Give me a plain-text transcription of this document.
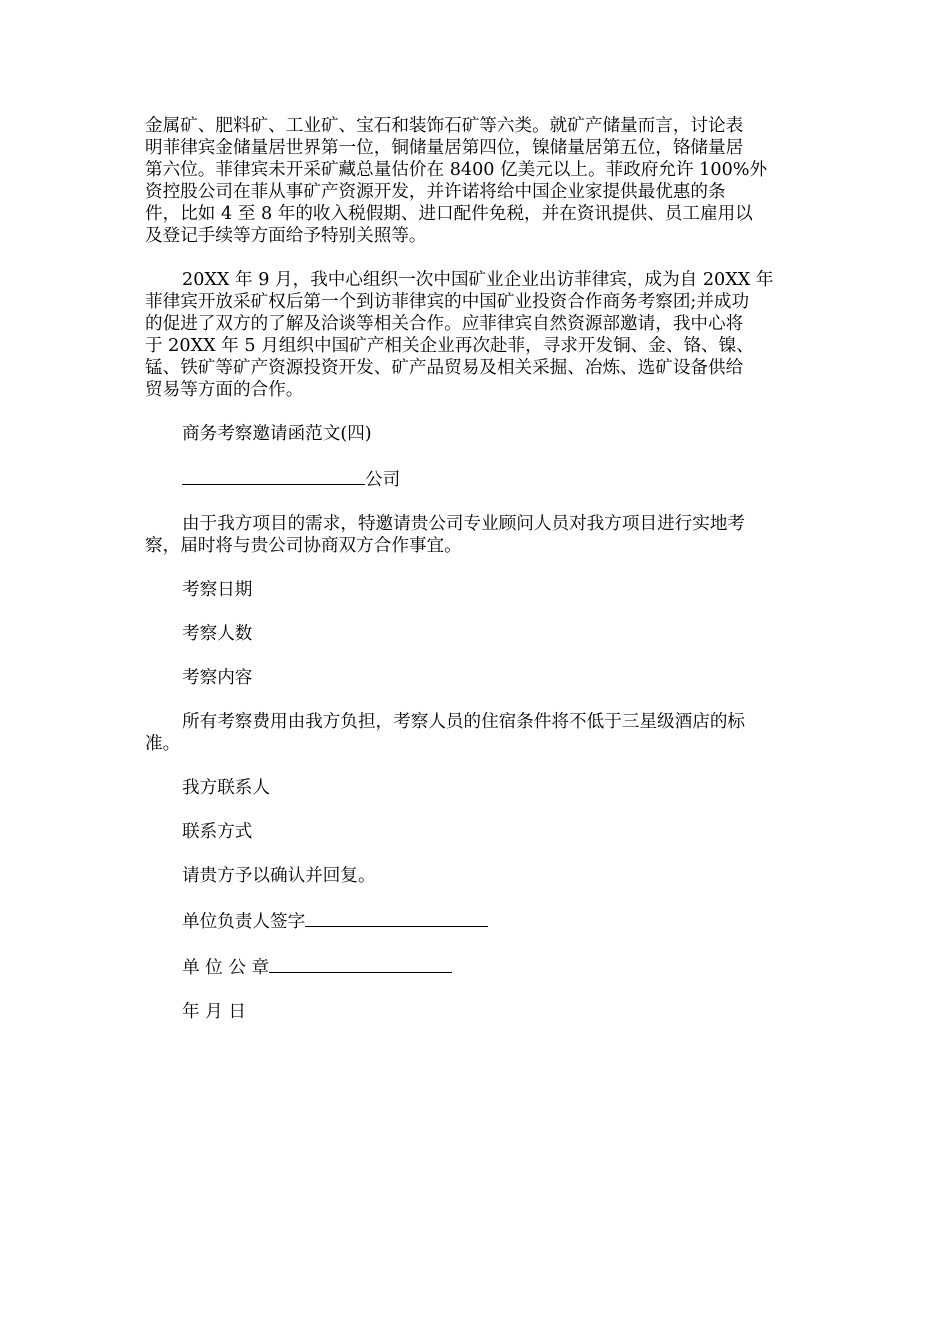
金属矿、肥料矿、工业矿、宝石和装饰石矿等六类。就矿产储量而言，讨论表
明菲律宾金储量居世界第一位，铜储量居第四位，镍储量居第五位，铬储量居
第六位。菲律宾未开采矿藏总量估价在 8400 亿美元以上。菲政府允许 100%外
资控股公司在菲从事矿产资源开发，并许诺将给中国企业家提供最优惠的条
件，比如 4 至 8 年的收入税假期、进口配件免税，并在资讯提供、员工雇用以
及登记手续等方面给予特别关照等。
20XX 年 9 月，我中心组织一次中国矿业企业出访菲律宾，成为自 20XX 年
菲律宾开放采矿权后第一个到访菲律宾的中国矿业投资合作商务考察团;并成功
的促进了双方的了解及洽谈等相关合作。应菲律宾自然资源部邀请，我中心将
于 20XX 年 5 月组织中国矿产相关企业再次赴菲，寻求开发铜、金、铬、镍、
锰、铁矿等矿产资源投资开发、矿产品贸易及相关采掘、冶炼、选矿设备供给
贸易等方面的合作。
商务考察邀请函范文(四)
公司
由于我方项目的需求，特邀请贵公司专业顾问人员对我方项目进行实地考
察，届时将与贵公司协商双方合作事宜。
考察日期
考察人数
考察内容
所有考察费用由我方负担，考察人员的住宿条件将不低于三星级酒店的标
准。
我方联系人
联系方式
请贵方予以确认并回复。
单位负责人签字
单 位 公 章
年 月 日
